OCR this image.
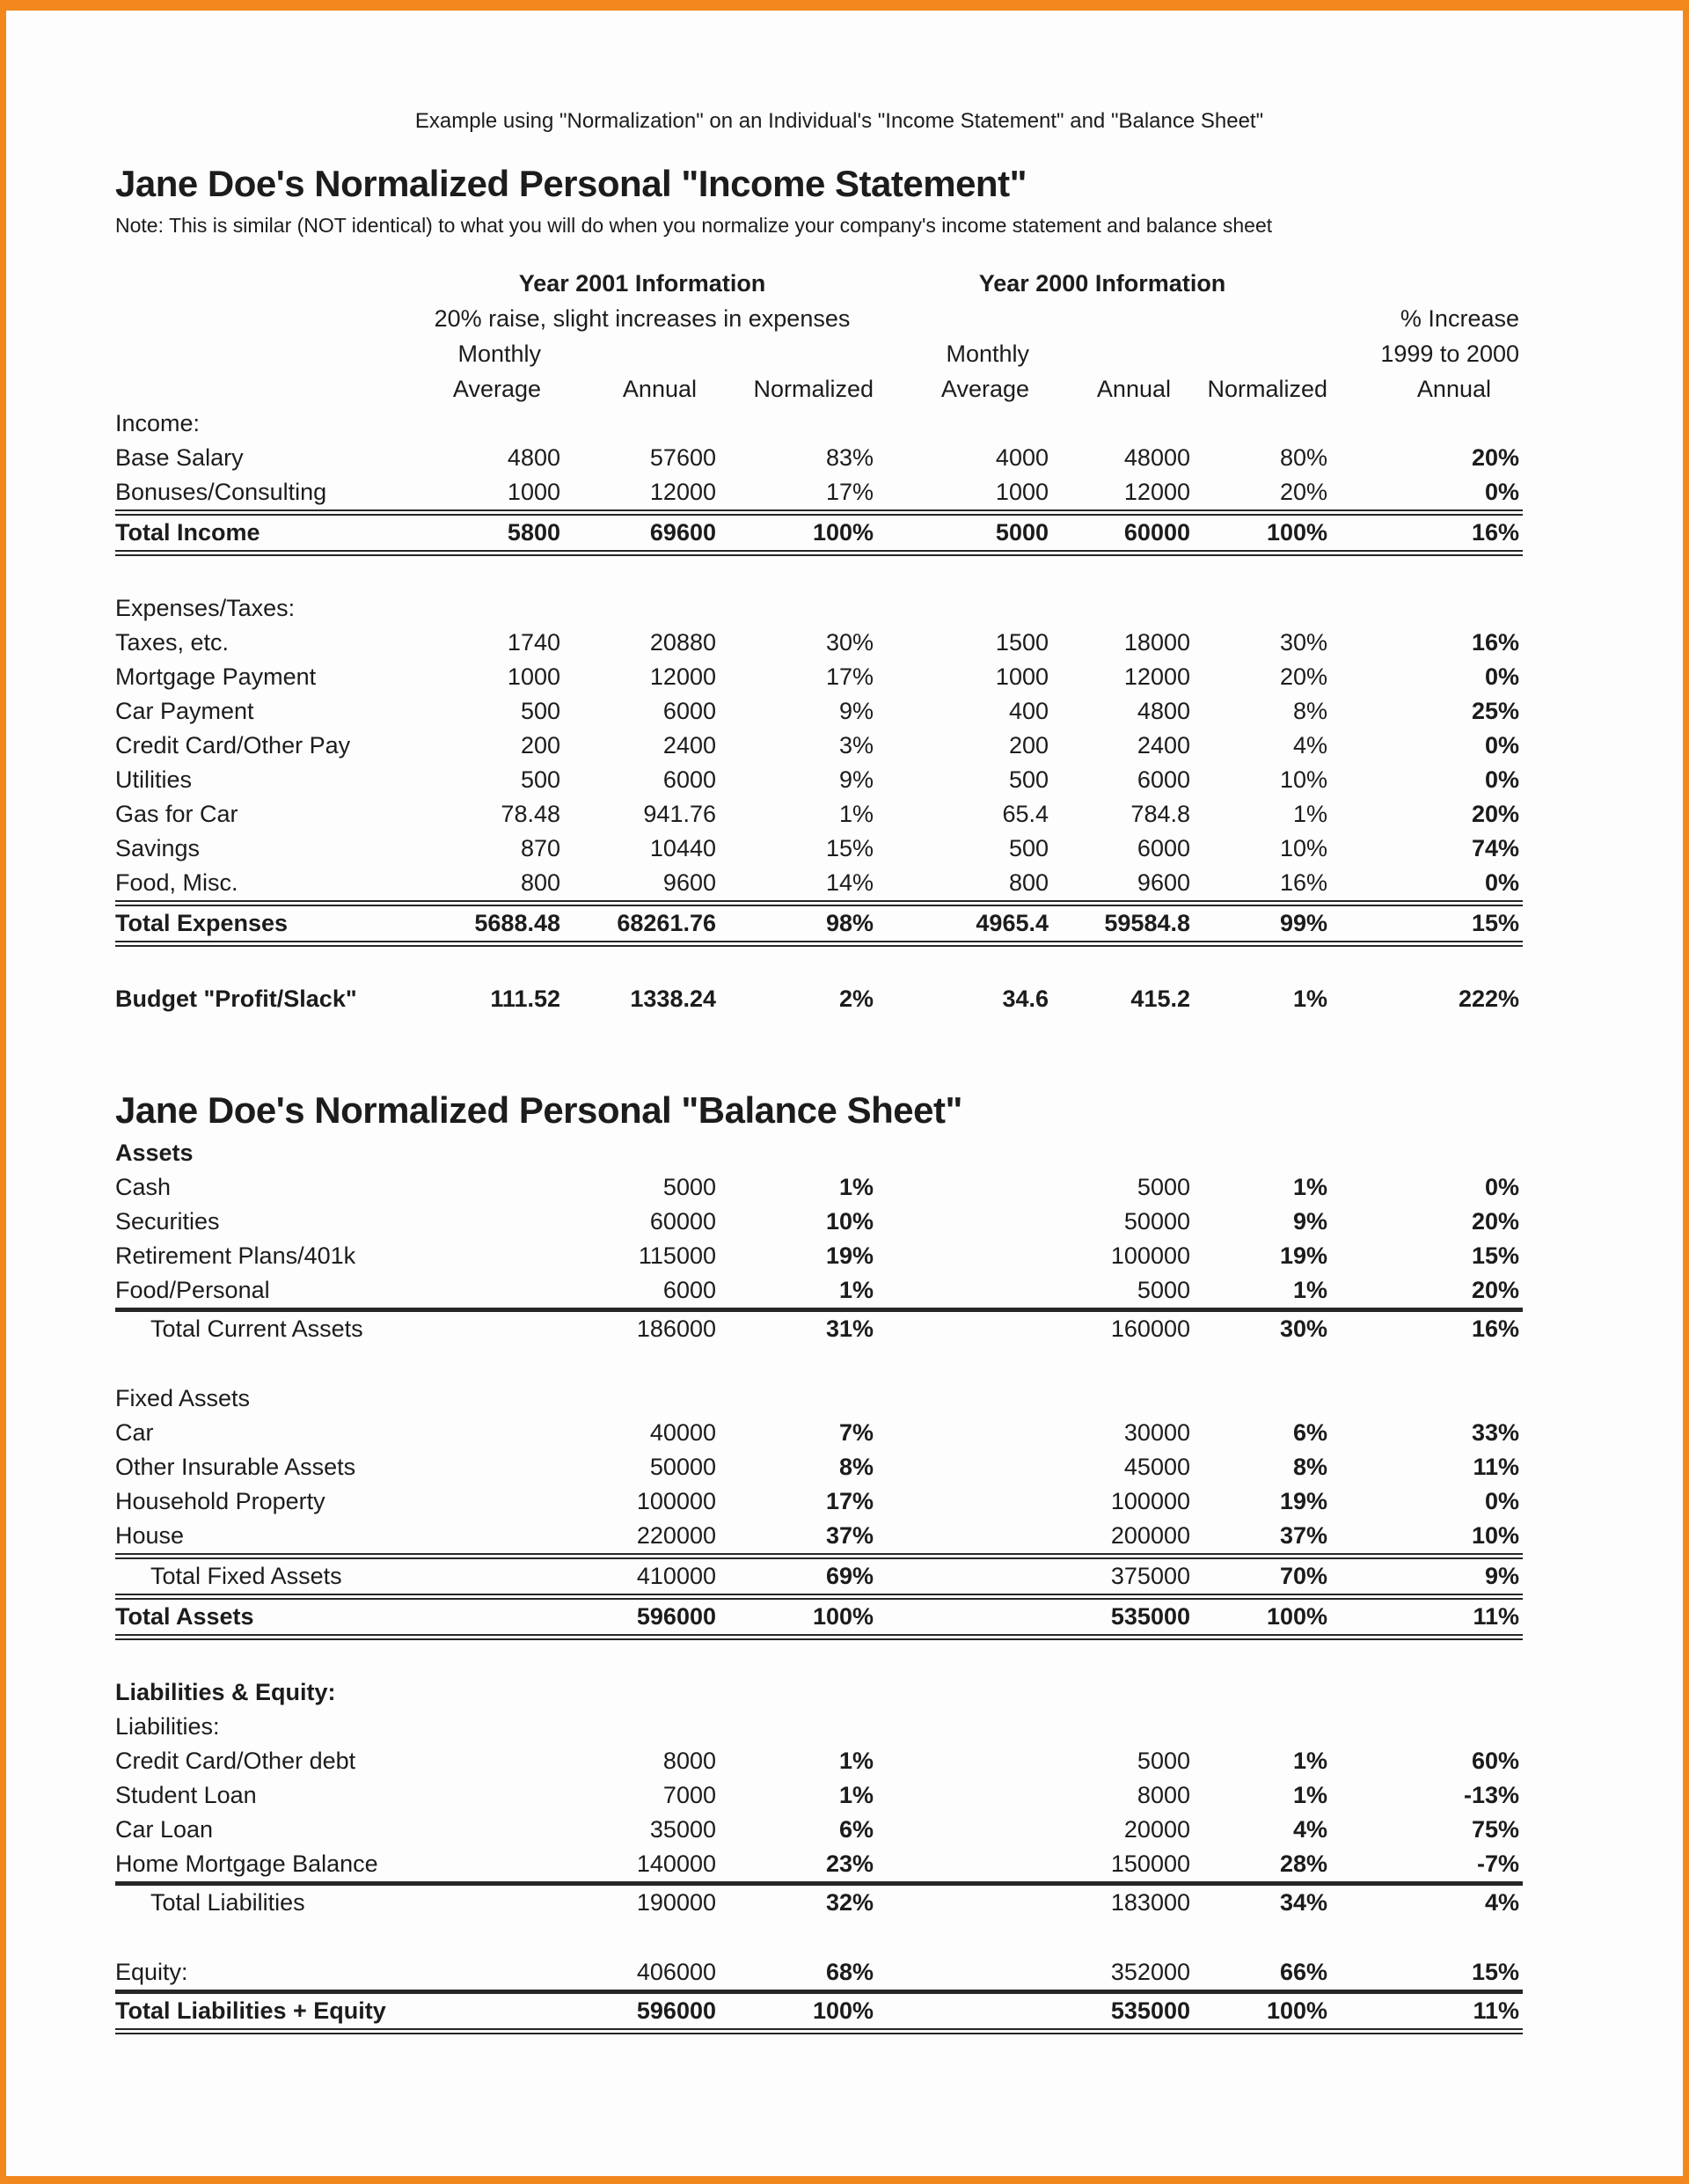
Example using "Normalization" on an Individual's "Income Statement" and "Balance Sheet"
Jane Doe's Normalized Personal "Income Statement"
Note: This is similar (NOT identical) to what you will do when you normalize your company's income statement and balance sheet
	Year 2001 Information			Year 2000 Information			
	20% raise, slight increases in expenses						% Increase
	Monthly			Monthly			1999 to 2000
	Average	Annual	Normalized	Average	Annual	Normalized	Annual
Income:							
Base Salary	4800	57600	83%	4000	48000	80%	20%
Bonuses/Consulting	1000	12000	17%	1000	12000	20%	0%
Total Income	5800	69600	100%	5000	60000	100%	16%

Expenses/Taxes:							
Taxes, etc.	1740	20880	30%	1500	18000	30%	16%
Mortgage Payment	1000	12000	17%	1000	12000	20%	0%
Car Payment	500	6000	9%	400	4800	8%	25%
Credit Card/Other Pay	200	2400	3%	200	2400	4%	0%
Utilities	500	6000	9%	500	6000	10%	0%
Gas for Car	78.48	941.76	1%	65.4	784.8	1%	20%
Savings	870	10440	15%	500	6000	10%	74%
Food, Misc.	800	9600	14%	800	9600	16%	0%
Total Expenses	5688.48	68261.76	98%	4965.4	59584.8	99%	15%

Budget "Profit/Slack"	111.52	1338.24	2%	34.6	415.2	1%	222%
Jane Doe's Normalized Personal "Balance Sheet"
Assets							
Cash		5000	1%		5000	1%	0%
Securities		60000	10%		50000	9%	20%
Retirement Plans/401k		115000	19%		100000	19%	15%
Food/Personal		6000	1%		5000	1%	20%
Total Current Assets		186000	31%		160000	30%	16%

Fixed Assets							
Car		40000	7%		30000	6%	33%
Other Insurable Assets		50000	8%		45000	8%	11%
Household Property		100000	17%		100000	19%	0%
House		220000	37%		200000	37%	10%
Total Fixed Assets		410000	69%		375000	70%	9%
Total Assets		596000	100%		535000	100%	11%

Liabilities & Equity:							
Liabilities:							
Credit Card/Other debt		8000	1%		5000	1%	60%
Student Loan		7000	1%		8000	1%	-13%
Car Loan		35000	6%		20000	4%	75%
Home Mortgage Balance		140000	23%		150000	28%	-7%
Total Liabilities		190000	32%		183000	34%	4%

Equity:		406000	68%		352000	66%	15%
Total Liabilities + Equity		596000	100%		535000	100%	11%
